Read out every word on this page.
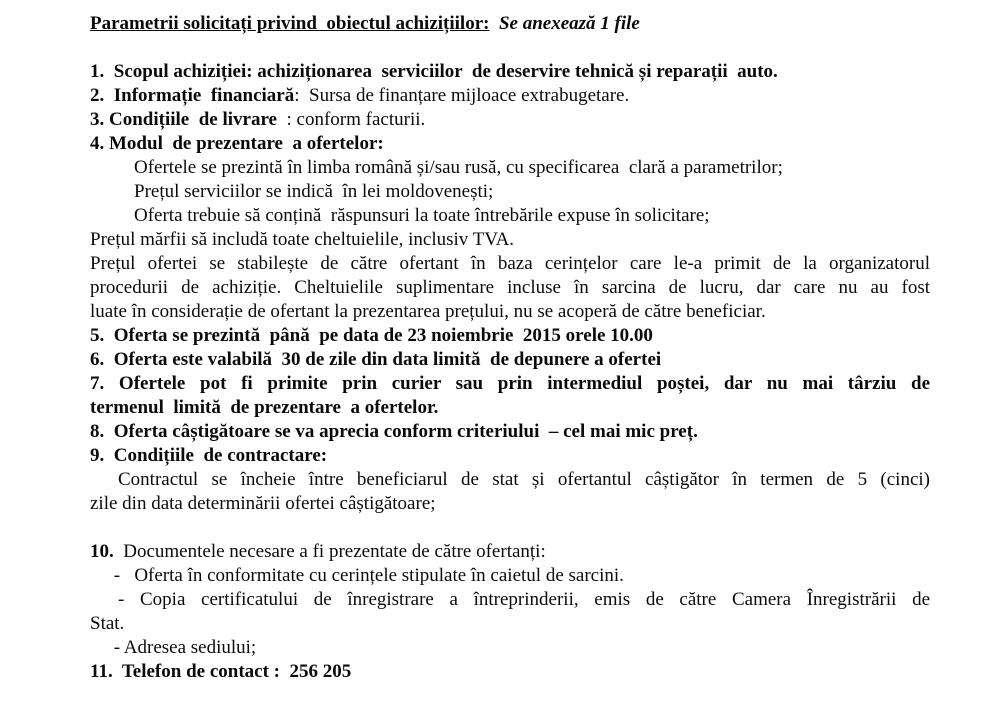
Parametrii solicitați privind  obiectul achizițiilor:  Se anexează 1 file
1.  Scopul achiziției: achiziționarea  serviciilor  de deservire tehnică și reparații  auto.
2.  Informație  financiară:  Sursa de finanțare mijloace extrabugetare.
3. Condițiile  de livrare  : conform facturii.
4. Modul  de prezentare  a ofertelor:
Ofertele se prezintă în limba română și/sau rusă, cu specificarea  clară a parametrilor;
Prețul serviciilor se indică  în lei moldovenești;
Oferta trebuie să conțină  răspunsuri la toate întrebările expuse în solicitare;
Prețul mărfii să includă toate cheltuielile, inclusiv TVA.
Prețul ofertei se stabilește de către ofertant în baza cerințelor care le-a primit de la organizatorul
procedurii de achiziție. Cheltuielile suplimentare incluse în sarcina de lucru, dar care nu au fost
luate în considerație de ofertant la prezentarea prețului, nu se acoperă de către beneficiar.
5.  Oferta se prezintă  până  pe data de 23 noiembrie  2015 orele 10.00
6.  Oferta este valabilă  30 de zile din data limită  de depunere a ofertei
7. Ofertele pot fi primite prin curier sau prin intermediul poștei, dar nu mai târziu de
termenul  limită  de prezentare  a ofertelor.
8.  Oferta câștigătoare se va aprecia conform criteriului  – cel mai mic preț.
9.  Condițiile  de contractare:
Contractul se încheie între beneficiarul de stat și ofertantul câștigător în termen de 5 (cinci)
zile din data determinării ofertei câștigătoare;
10.  Documentele necesare a fi prezentate de către ofertanți:
-   Oferta în conformitate cu cerințele stipulate în caietul de sarcini.
- Copia certificatului de înregistrare a întreprinderii, emis de către Camera Înregistrării de
Stat.
- Adresea sediului;
11.  Telefon de contact :  256 205
